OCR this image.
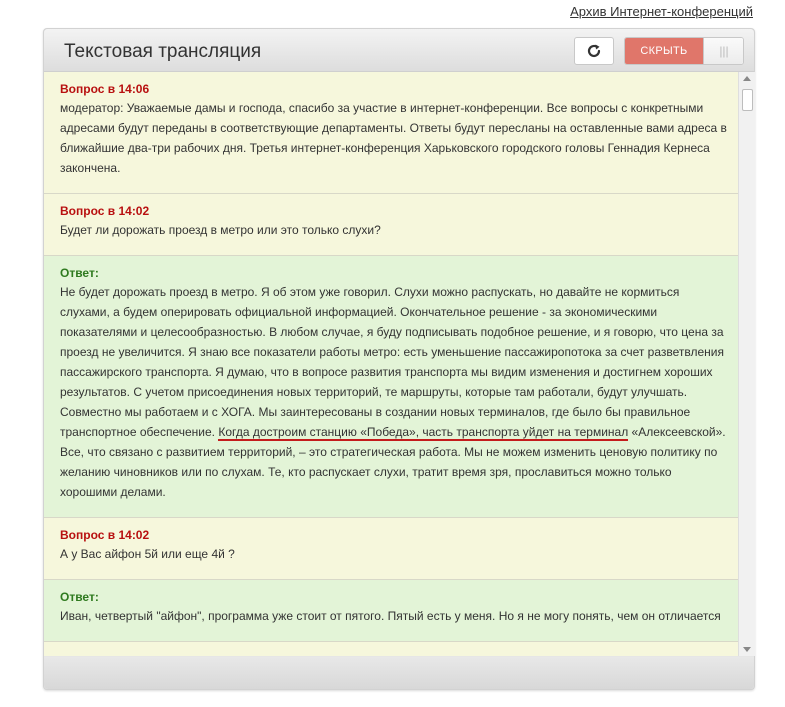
Архив Интернет-конференций
Текстовая трансляция	СКРЫТЬ	|||
Вопрос в 14:06
модератор: Уважаемые дамы и господа, спасибо за участие в интернет-конференции. Все вопросы с конкретными адресами будут переданы в соответствующие департаменты. Ответы будут пересланы на оставленные вами адреса в ближайшие два-три рабочих дня. Третья интернет-конференция Харьковского городского головы Геннадия Кернеса закончена.
Вопрос в 14:02
Будет ли дорожать проезд в метро или это только слухи?
Ответ:
Не будет дорожать проезд в метро. Я об этом уже говорил. Слухи можно распускать, но давайте не кормиться слухами, а будем оперировать официальной информацией. Окончательное решение - за экономическими показателями и целесообразностью. В любом случае, я буду подписывать подобное решение, и я говорю, что цена за проезд не увеличится. Я знаю все показатели работы метро: есть уменьшение пассажиропотока за счет разветвления пассажирского транспорта. Я думаю, что в вопросе развития транспорта мы видим изменения и достигнем хороших результатов. С учетом присоединения новых территорий, те маршруты, которые там работали, будут улучшать. Совместно мы работаем и с ХОГА. Мы заинтересованы в создании новых терминалов, где было бы правильное транспортное обеспечение. Когда достроим станцию «Победа», часть транспорта уйдет на терминал «Алексеевской». Все, что связано с развитием территорий, – это стратегическая работа. Мы не можем изменить ценовую политику по желанию чиновников или по слухам. Те, кто распускает слухи, тратит время зря, прославиться можно только хорошими делами.
Вопрос в 14:02
А у Вас айфон 5й или еще 4й ?
Ответ:
Иван, четвертый "айфон", программа уже стоит от пятого. Пятый есть у меня. Но я не могу понять, чем он отличается
